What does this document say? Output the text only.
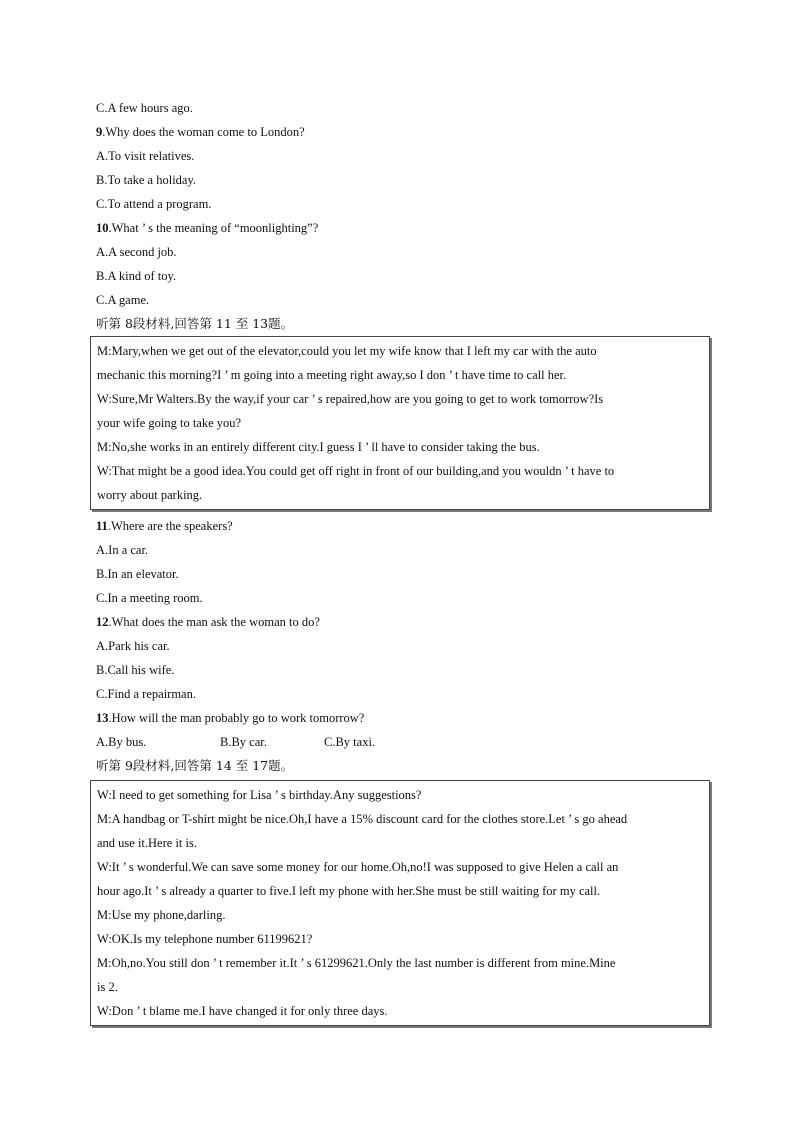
C.A few hours ago.
9.Why does the woman come to London?
A.To visit relatives.
B.To take a holiday.
C.To attend a program.
10.What ’ s the meaning of “moonlighting”?
A.A second job.
B.A kind of toy.
C.A game.
听第 8段材料,回答第 11 至 13题。
M:Mary,when we get out of the elevator,could you let my wife know that I left my car with the auto
mechanic this morning?I ’ m going into a meeting right away,so I don ’ t have time to call her.
W:Sure,Mr Walters.By the way,if your car ’ s repaired,how are you going to get to work tomorrow?Is
your wife going to take you?
M:No,she works in an entirely different city.I guess I ’ ll have to consider taking the bus.
W:That might be a good idea.You could get off right in front of our building,and you wouldn ’ t have to
worry about parking.
11.Where are the speakers?
A.In a car.
B.In an elevator.
C.In a meeting room.
12.What does the man ask the woman to do?
A.Park his car.
B.Call his wife.
C.Find a repairman.
13.How will the man probably go to work tomorrow?
A.By bus.	B.By car.	C.By taxi.
听第 9段材料,回答第 14 至 17题。
W:I need to get something for Lisa ’ s birthday.Any suggestions?
M:A handbag or T-shirt might be nice.Oh,I have a 15% discount card for the clothes store.Let ’ s go ahead
and use it.Here it is.
W:It ’ s wonderful.We can save some money for our home.Oh,no!I was supposed to give Helen a call an
hour ago.It ’ s already a quarter to five.I left my phone with her.She must be still waiting for my call.
M:Use my phone,darling.
W:OK.Is my telephone number 61199621?
M:Oh,no.You still don ’ t remember it.It ’ s 61299621.Only the last number is different from mine.Mine
is 2.
W:Don ’ t blame me.I have changed it for only three days.
